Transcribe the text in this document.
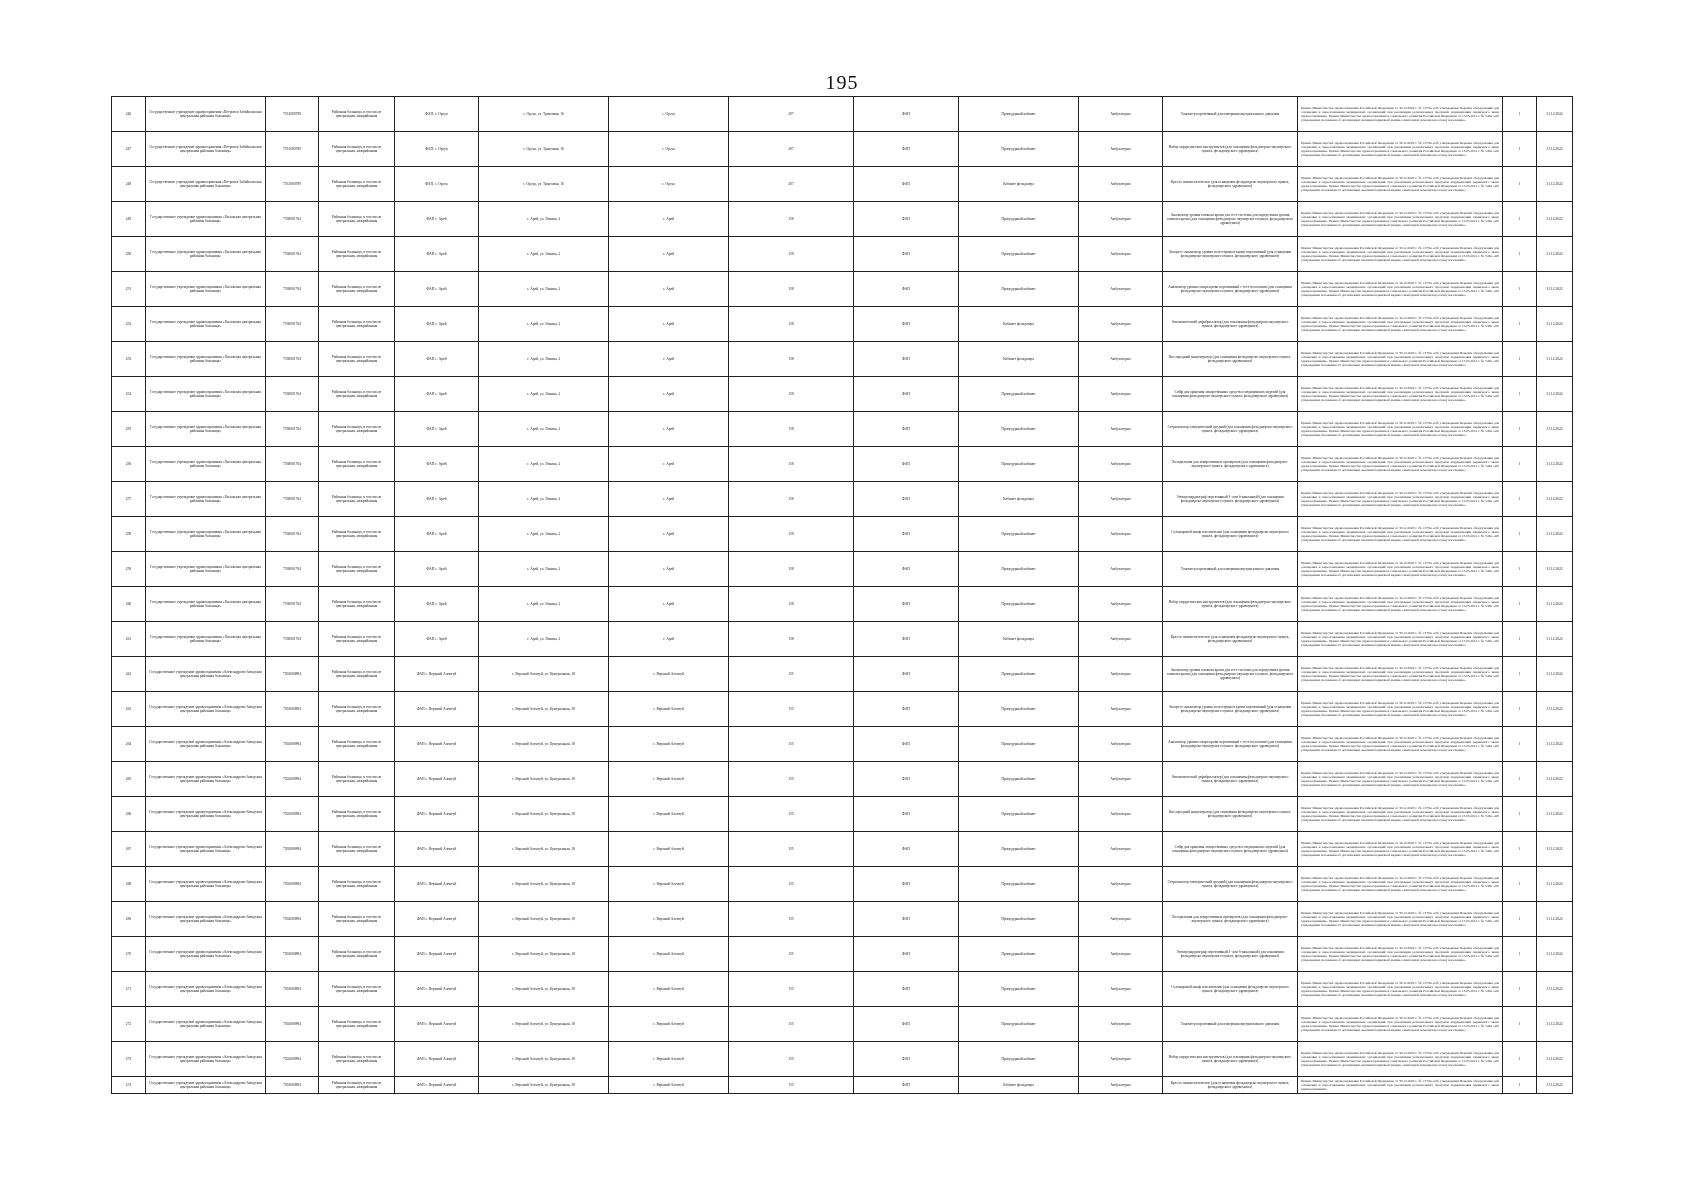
195
246	Государственное учреждение здравоохранения «Петровск-Забайкальская центральная районная больница»	7531000789	Районная больница, в том числе центральная, межрайонная	ФАП, с. Орсук	с. Орсук, ул. Трактовая, 16	с. Орсук	207	ФАП	Процедурный кабинет	Амбулаторно	Тонометр портативный для измерения внутриглазного давления	Приказ Министерства здравоохранения Российской Федерации от 30.12.2020 г. № 1379н «Об утверждении Перечня оборудования для оснащения и переоснащения медицинских организаций при реализации региональных программ модернизации первичного звена здравоохранения». Приказ Министерства здравоохранения и социального развития Российской Федерации от 15.05.2012 г. № 543н «Об утверждении положения об организации оказания первичной медико-санитарной помощи взрослому населению»	1	31.12.2022
247	Государственное учреждение здравоохранения «Петровск-Забайкальская центральная районная больница»	7531000789	Районная больница, в том числе центральная, межрайонная	ФАП, с. Орсук	с. Орсук, ул. Трактовая, 16	с. Орсук	207	ФАП	Процедурный кабинет	Амбулаторно	Набор хирургических инструментов (для оснащения фельдшерско-акушерского пункта, фельдшерского здравпункта)	Приказ Министерства здравоохранения Российской Федерации от 30.12.2020 г. № 1379н «Об утверждении Перечня оборудования для оснащения и переоснащения медицинских организаций при реализации региональных программ модернизации первичного звена здравоохранения». Приказ Министерства здравоохранения и социального развития Российской Федерации от 15.05.2012 г. № 543н «Об утверждении положения об организации оказания первичной медико-санитарной помощи взрослому населению»	1	31.12.2022
248	Государственное учреждение здравоохранения «Петровск-Забайкальская центральная районная больница»	7531000789	Районная больница, в том числе центральная, межрайонная	ФАП, с. Орсук	с. Орсук, ул. Трактовая, 16	с. Орсук	207	ФАП	Кабинет фельдшера	Амбулаторно	Кресло гинекологическое (для оснащения фельдшерско-акушерского пункта, фельдшерского здравпункта)	Приказ Министерства здравоохранения Российской Федерации от 30.12.2020 г. № 1379н «Об утверждении Перечня оборудования для оснащения и переоснащения медицинских организаций при реализации региональных программ модернизации первичного звена здравоохранения». Приказ Министерства здравоохранения и социального развития Российской Федерации от 15.05.2012 г. № 543н «Об утверждении положения об организации оказания первичной медико-санитарной помощи взрослому населению»	1	31.12.2022
249	Государственное учреждение здравоохранения «Хилокская центральная районная больница»	7538001764	Районная больница, в том числе центральная, межрайонная	ФАП с. Арей	с. Арей, ул. Ленина, 2	с. Арей	158	ФАП	Процедурный кабинет	Амбулаторно	Анализатор уровня глюкозы крови для тест-системы для определения уровня глюкозы крови (для оснащения фельдшерско-акушерского пункта, фельдшерского здравпункта)	Приказ Министерства здравоохранения Российской Федерации от 30.12.2020 г. № 1379н «Об утверждении Перечня оборудования для оснащения и переоснащения медицинских организаций при реализации региональных программ модернизации первичного звена здравоохранения». Приказ Министерства здравоохранения и социального развития Российской Федерации от 15.05.2012 г. № 543н «Об утверждении положения об организации оказания первичной медико-санитарной помощи взрослому населению»	1	31.12.2022
250	Государственное учреждение здравоохранения «Хилокская центральная районная больница»	7538001764	Районная больница, в том числе центральная, межрайонная	ФАП с. Арей	с. Арей, ул. Ленина, 2	с. Арей	158	ФАП	Процедурный кабинет	Амбулаторно	Экспресс-анализатор уровня холестерина в крови портативный (для оснащения фельдшерско-акушерского пункта, фельдшерского здравпункта)	Приказ Министерства здравоохранения Российской Федерации от 30.12.2020 г. № 1379н «Об утверждении Перечня оборудования для оснащения и переоснащения медицинских организаций при реализации региональных программ модернизации первичного звена здравоохранения». Приказ Министерства здравоохранения и социального развития Российской Федерации от 15.05.2012 г. № 543н «Об утверждении положения об организации оказания первичной медико-санитарной помощи взрослому населению»	1	31.12.2022
251	Государственное учреждение здравоохранения «Хилокская центральная районная больница»	7538001764	Районная больница, в том числе центральная, межрайонная	ФАП с. Арей	с. Арей, ул. Ленина, 2	с. Арей	158	ФАП	Процедурный кабинет	Амбулаторно	Анализатор уровня сахара крови портативный с тест-полосками (для оснащения фельдшерско-акушерского пункта, фельдшерского здравпункта)	Приказ Министерства здравоохранения Российской Федерации от 30.12.2020 г. № 1379н «Об утверждении Перечня оборудования для оснащения и переоснащения медицинских организаций при реализации региональных программ модернизации первичного звена здравоохранения». Приказ Министерства здравоохранения и социального развития Российской Федерации от 15.05.2012 г. № 543н «Об утверждении положения об организации оказания первичной медико-санитарной помощи взрослому населению»	1	31.12.2022
252	Государственное учреждение здравоохранения «Хилокская центральная районная больница»	7538001764	Районная больница, в том числе центральная, межрайонная	ФАП с. Арей	с. Арей, ул. Ленина, 2	с. Арей	158	ФАП	Кабинет фельдшера	Амбулаторно	Автоматический дефибриллятор (для оснащения фельдшерско-акушерского пункта, фельдшерского здравпункта)	Приказ Министерства здравоохранения Российской Федерации от 30.12.2020 г. № 1379н «Об утверждении Перечня оборудования для оснащения и переоснащения медицинских организаций при реализации региональных программ модернизации первичного звена здравоохранения». Приказ Министерства здравоохранения и социального развития Российской Федерации от 15.05.2012 г. № 543н «Об утверждении положения об организации оказания первичной медико-санитарной помощи взрослому населению»	1	31.12.2022
253	Государственное учреждение здравоохранения «Хилокская центральная районная больница»	7538001764	Районная больница, в том числе центральная, межрайонная	ФАП с. Арей	с. Арей, ул. Ленина, 2	с. Арей	158	ФАП	Кабинет фельдшера	Амбулаторно	Кислородный концентратор (для оснащения фельдшерско-акушерского пункта, фельдшерского здравпункта)	Приказ Министерства здравоохранения Российской Федерации от 30.12.2020 г. № 1379н «Об утверждении Перечня оборудования для оснащения и переоснащения медицинских организаций при реализации региональных программ модернизации первичного звена здравоохранения». Приказ Министерства здравоохранения и социального развития Российской Федерации от 15.05.2012 г. № 543н «Об утверждении положения об организации оказания первичной медико-санитарной помощи взрослому населению»	1	31.12.2022
254	Государственное учреждение здравоохранения «Хилокская центральная районная больница»	7538001764	Районная больница, в том числе центральная, межрайонная	ФАП с. Арей	с. Арей, ул. Ленина, 2	с. Арей	158	ФАП	Процедурный кабинет	Амбулаторно	Сейф для хранения лекарственных средств и медицинских изделий (для оснащения фельдшерско-акушерского пункта, фельдшерского здравпункта)	Приказ Министерства здравоохранения Российской Федерации от 30.12.2020 г. № 1379н «Об утверждении Перечня оборудования для оснащения и переоснащения медицинских организаций при реализации региональных программ модернизации первичного звена здравоохранения». Приказ Министерства здравоохранения и социального развития Российской Федерации от 15.05.2012 г. № 543н «Об утверждении положения об организации оказания первичной медико-санитарной помощи взрослому населению»	1	31.12.2022
255	Государственное учреждение здравоохранения «Хилокская центральная районная больница»	7538001764	Районная больница, в том числе центральная, межрайонная	ФАП с. Арей	с. Арей, ул. Ленина, 2	с. Арей	158	ФАП	Процедурный кабинет	Амбулаторно	Стерилизатор электрический средний (для оснащения фельдшерско-акушерского пункта, фельдшерского здравпункта)	Приказ Министерства здравоохранения Российской Федерации от 30.12.2020 г. № 1379н «Об утверждении Перечня оборудования для оснащения и переоснащения медицинских организаций при реализации региональных программ модернизации первичного звена здравоохранения». Приказ Министерства здравоохранения и социального развития Российской Федерации от 15.05.2012 г. № 543н «Об утверждении положения об организации оказания первичной медико-санитарной помощи взрослому населению»	1	31.12.2022
256	Государственное учреждение здравоохранения «Хилокская центральная районная больница»	7538001764	Районная больница, в том числе центральная, межрайонная	ФАП с. Арей	с. Арей, ул. Ленина, 2	с. Арей	158	ФАП	Процедурный кабинет	Амбулаторно	Холодильник для лекарственных препаратов (для оснащения фельдшерско-акушерского пункта, фельдшерского здравпункта)	Приказ Министерства здравоохранения Российской Федерации от 30.12.2020 г. № 1379н «Об утверждении Перечня оборудования для оснащения и переоснащения медицинских организаций при реализации региональных программ модернизации первичного звена здравоохранения». Приказ Министерства здравоохранения и социального развития Российской Федерации от 15.05.2012 г. № 543н «Об утверждении положения об организации оказания первичной медико-санитарной помощи взрослому населению»	1	31.12.2022
257	Государственное учреждение здравоохранения «Хилокская центральная районная больница»	7538001764	Районная больница, в том числе центральная, межрайонная	ФАП с. Арей	с. Арей, ул. Ленина, 2	с. Арей	158	ФАП	Кабинет фельдшера	Амбулаторно	Электрокардиограф портативный 3- или 6-канальный (для оснащения фельдшерско-акушерского пункта, фельдшерского здравпункта)	Приказ Министерства здравоохранения Российской Федерации от 30.12.2020 г. № 1379н «Об утверждении Перечня оборудования для оснащения и переоснащения медицинских организаций при реализации региональных программ модернизации первичного звена здравоохранения». Приказ Министерства здравоохранения и социального развития Российской Федерации от 15.05.2012 г. № 543н «Об утверждении положения об организации оказания первичной медико-санитарной помощи взрослому населению»	1	31.12.2022
258	Государственное учреждение здравоохранения «Хилокская центральная районная больница»	7538001764	Районная больница, в том числе центральная, межрайонная	ФАП с. Арей	с. Арей, ул. Ленина, 2	с. Арей	158	ФАП	Процедурный кабинет	Амбулаторно	Сухожаровой шкаф или автоклав (для оснащения фельдшерско-акушерского пункта, фельдшерского здравпункта)	Приказ Министерства здравоохранения Российской Федерации от 30.12.2020 г. № 1379н «Об утверждении Перечня оборудования для оснащения и переоснащения медицинских организаций при реализации региональных программ модернизации первичного звена здравоохранения». Приказ Министерства здравоохранения и социального развития Российской Федерации от 15.05.2012 г. № 543н «Об утверждении положения об организации оказания первичной медико-санитарной помощи взрослому населению»	1	31.12.2022
259	Государственное учреждение здравоохранения «Хилокская центральная районная больница»	7538001764	Районная больница, в том числе центральная, межрайонная	ФАП с. Арей	с. Арей, ул. Ленина, 2	с. Арей	158	ФАП	Процедурный кабинет	Амбулаторно	Тонометр портативный для измерения внутриглазного давления	Приказ Министерства здравоохранения Российской Федерации от 30.12.2020 г. № 1379н «Об утверждении Перечня оборудования для оснащения и переоснащения медицинских организаций при реализации региональных программ модернизации первичного звена здравоохранения». Приказ Министерства здравоохранения и социального развития Российской Федерации от 15.05.2012 г. № 543н «Об утверждении положения об организации оказания первичной медико-санитарной помощи взрослому населению»	1	31.12.2022
260	Государственное учреждение здравоохранения «Хилокская центральная районная больница»	7538001764	Районная больница, в том числе центральная, межрайонная	ФАП с. Арей	с. Арей, ул. Ленина, 2	с. Арей	158	ФАП	Процедурный кабинет	Амбулаторно	Набор хирургических инструментов (для оснащения фельдшерско-акушерского пункта, фельдшерского здравпункта)	Приказ Министерства здравоохранения Российской Федерации от 30.12.2020 г. № 1379н «Об утверждении Перечня оборудования для оснащения и переоснащения медицинских организаций при реализации региональных программ модернизации первичного звена здравоохранения». Приказ Министерства здравоохранения и социального развития Российской Федерации от 15.05.2012 г. № 543н «Об утверждении положения об организации оказания первичной медико-санитарной помощи взрослому населению»	1	31.12.2022
261	Государственное учреждение здравоохранения «Хилокская центральная районная больница»	7538001764	Районная больница, в том числе центральная, межрайонная	ФАП с. Арей	с. Арей, ул. Ленина, 2	с. Арей	158	ФАП	Кабинет фельдшера	Амбулаторно	Кресло гинекологическое (для оснащения фельдшерско-акушерского пункта, фельдшерского здравпункта)	Приказ Министерства здравоохранения Российской Федерации от 30.12.2020 г. № 1379н «Об утверждении Перечня оборудования для оснащения и переоснащения медицинских организаций при реализации региональных программ модернизации первичного звена здравоохранения». Приказ Министерства здравоохранения и социального развития Российской Федерации от 15.05.2012 г. № 543н «Об утверждении положения об организации оказания первичной медико-санитарной помощи взрослому населению»	1	31.12.2022
262	Государственное учреждение здравоохранения «Александрово-Заводская центральная районная больница»	7502000894	Районная больница, в том числе центральная, межрайонная	ФАП с. Верхний Алентуй	с. Верхний Алентуй, ул. Центральная, 18	с. Верхний Алентуй	155	ФАП	Процедурный кабинет	Амбулаторно	Анализатор уровня глюкозы крови для тест-системы для определения уровня глюкозы крови (для оснащения фельдшерско-акушерского пункта, фельдшерского здравпункта)	Приказ Министерства здравоохранения Российской Федерации от 30.12.2020 г. № 1379н «Об утверждении Перечня оборудования для оснащения и переоснащения медицинских организаций при реализации региональных программ модернизации первичного звена здравоохранения». Приказ Министерства здравоохранения и социального развития Российской Федерации от 15.05.2012 г. № 543н «Об утверждении положения об организации оказания первичной медико-санитарной помощи взрослому населению»	1	31.12.2022
263	Государственное учреждение здравоохранения «Александрово-Заводская центральная районная больница»	7502000894	Районная больница, в том числе центральная, межрайонная	ФАП с. Верхний Алентуй	с. Верхний Алентуй, ул. Центральная, 18	с. Верхний Алентуй	155	ФАП	Процедурный кабинет	Амбулаторно	Экспресс-анализатор уровня холестерина в крови портативный (для оснащения фельдшерско-акушерского пункта, фельдшерского здравпункта)	Приказ Министерства здравоохранения Российской Федерации от 30.12.2020 г. № 1379н «Об утверждении Перечня оборудования для оснащения и переоснащения медицинских организаций при реализации региональных программ модернизации первичного звена здравоохранения». Приказ Министерства здравоохранения и социального развития Российской Федерации от 15.05.2012 г. № 543н «Об утверждении положения об организации оказания первичной медико-санитарной помощи взрослому населению»	1	31.12.2022
264	Государственное учреждение здравоохранения «Александрово-Заводская центральная районная больница»	7502000894	Районная больница, в том числе центральная, межрайонная	ФАП с. Верхний Алентуй	с. Верхний Алентуй, ул. Центральная, 18	с. Верхний Алентуй	155	ФАП	Процедурный кабинет	Амбулаторно	Анализатор уровня сахара крови портативный с тест-полосками (для оснащения фельдшерско-акушерского пункта, фельдшерского здравпункта)	Приказ Министерства здравоохранения Российской Федерации от 30.12.2020 г. № 1379н «Об утверждении Перечня оборудования для оснащения и переоснащения медицинских организаций при реализации региональных программ модернизации первичного звена здравоохранения». Приказ Министерства здравоохранения и социального развития Российской Федерации от 15.05.2012 г. № 543н «Об утверждении положения об организации оказания первичной медико-санитарной помощи взрослому населению»	1	31.12.2022
265	Государственное учреждение здравоохранения «Александрово-Заводская центральная районная больница»	7502000894	Районная больница, в том числе центральная, межрайонная	ФАП с. Верхний Алентуй	с. Верхний Алентуй, ул. Центральная, 18	с. Верхний Алентуй	155	ФАП	Процедурный кабинет	Амбулаторно	Автоматический дефибриллятор (для оснащения фельдшерско-акушерского пункта, фельдшерского здравпункта)	Приказ Министерства здравоохранения Российской Федерации от 30.12.2020 г. № 1379н «Об утверждении Перечня оборудования для оснащения и переоснащения медицинских организаций при реализации региональных программ модернизации первичного звена здравоохранения». Приказ Министерства здравоохранения и социального развития Российской Федерации от 15.05.2012 г. № 543н «Об утверждении положения об организации оказания первичной медико-санитарной помощи взрослому населению»	1	31.12.2022
266	Государственное учреждение здравоохранения «Александрово-Заводская центральная районная больница»	7502000894	Районная больница, в том числе центральная, межрайонная	ФАП с. Верхний Алентуй	с. Верхний Алентуй, ул. Центральная, 18	с. Верхний Алентуй	155	ФАП	Процедурный кабинет	Амбулаторно	Кислородный концентратор (для оснащения фельдшерско-акушерского пункта, фельдшерского здравпункта)	Приказ Министерства здравоохранения Российской Федерации от 30.12.2020 г. № 1379н «Об утверждении Перечня оборудования для оснащения и переоснащения медицинских организаций при реализации региональных программ модернизации первичного звена здравоохранения». Приказ Министерства здравоохранения и социального развития Российской Федерации от 15.05.2012 г. № 543н «Об утверждении положения об организации оказания первичной медико-санитарной помощи взрослому населению»	1	31.12.2022
267	Государственное учреждение здравоохранения «Александрово-Заводская центральная районная больница»	7502000894	Районная больница, в том числе центральная, межрайонная	ФАП с. Верхний Алентуй	с. Верхний Алентуй, ул. Центральная, 18	с. Верхний Алентуй	155	ФАП	Процедурный кабинет	Амбулаторно	Сейф для хранения лекарственных средств и медицинских изделий (для оснащения фельдшерско-акушерского пункта, фельдшерского здравпункта)	Приказ Министерства здравоохранения Российской Федерации от 30.12.2020 г. № 1379н «Об утверждении Перечня оборудования для оснащения и переоснащения медицинских организаций при реализации региональных программ модернизации первичного звена здравоохранения». Приказ Министерства здравоохранения и социального развития Российской Федерации от 15.05.2012 г. № 543н «Об утверждении положения об организации оказания первичной медико-санитарной помощи взрослому населению»	1	31.12.2022
268	Государственное учреждение здравоохранения «Александрово-Заводская центральная районная больница»	7502000894	Районная больница, в том числе центральная, межрайонная	ФАП с. Верхний Алентуй	с. Верхний Алентуй, ул. Центральная, 18	с. Верхний Алентуй	155	ФАП	Процедурный кабинет	Амбулаторно	Стерилизатор электрический средний (для оснащения фельдшерско-акушерского пункта, фельдшерского здравпункта)	Приказ Министерства здравоохранения Российской Федерации от 30.12.2020 г. № 1379н «Об утверждении Перечня оборудования для оснащения и переоснащения медицинских организаций при реализации региональных программ модернизации первичного звена здравоохранения». Приказ Министерства здравоохранения и социального развития Российской Федерации от 15.05.2012 г. № 543н «Об утверждении положения об организации оказания первичной медико-санитарной помощи взрослому населению»	1	31.12.2022
269	Государственное учреждение здравоохранения «Александрово-Заводская центральная районная больница»	7502000894	Районная больница, в том числе центральная, межрайонная	ФАП с. Верхний Алентуй	с. Верхний Алентуй, ул. Центральная, 18	с. Верхний Алентуй	155	ФАП	Процедурный кабинет	Амбулаторно	Холодильник для лекарственных препаратов (для оснащения фельдшерско-акушерского пункта, фельдшерского здравпункта)	Приказ Министерства здравоохранения Российской Федерации от 30.12.2020 г. № 1379н «Об утверждении Перечня оборудования для оснащения и переоснащения медицинских организаций при реализации региональных программ модернизации первичного звена здравоохранения». Приказ Министерства здравоохранения и социального развития Российской Федерации от 15.05.2012 г. № 543н «Об утверждении положения об организации оказания первичной медико-санитарной помощи взрослому населению»	1	31.12.2022
270	Государственное учреждение здравоохранения «Александрово-Заводская центральная районная больница»	7502000894	Районная больница, в том числе центральная, межрайонная	ФАП с. Верхний Алентуй	с. Верхний Алентуй, ул. Центральная, 18	с. Верхний Алентуй	155	ФАП	Процедурный кабинет	Амбулаторно	Электрокардиограф портативный 3- или 6-канальный (для оснащения фельдшерско-акушерского пункта, фельдшерского здравпункта)	Приказ Министерства здравоохранения Российской Федерации от 30.12.2020 г. № 1379н «Об утверждении Перечня оборудования для оснащения и переоснащения медицинских организаций при реализации региональных программ модернизации первичного звена здравоохранения». Приказ Министерства здравоохранения и социального развития Российской Федерации от 15.05.2012 г. № 543н «Об утверждении положения об организации оказания первичной медико-санитарной помощи взрослому населению»	1	31.12.2022
271	Государственное учреждение здравоохранения «Александрово-Заводская центральная районная больница»	7502000894	Районная больница, в том числе центральная, межрайонная	ФАП с. Верхний Алентуй	с. Верхний Алентуй, ул. Центральная, 18	с. Верхний Алентуй	155	ФАП	Процедурный кабинет	Амбулаторно	Сухожаровой шкаф или автоклав (для оснащения фельдшерско-акушерского пункта, фельдшерского здравпункта)	Приказ Министерства здравоохранения Российской Федерации от 30.12.2020 г. № 1379н «Об утверждении Перечня оборудования для оснащения и переоснащения медицинских организаций при реализации региональных программ модернизации первичного звена здравоохранения». Приказ Министерства здравоохранения и социального развития Российской Федерации от 15.05.2012 г. № 543н «Об утверждении положения об организации оказания первичной медико-санитарной помощи взрослому населению»	1	31.12.2022
272	Государственное учреждение здравоохранения «Александрово-Заводская центральная районная больница»	7502000894	Районная больница, в том числе центральная, межрайонная	ФАП с. Верхний Алентуй	с. Верхний Алентуй, ул. Центральная, 18	с. Верхний Алентуй	155	ФАП	Процедурный кабинет	Амбулаторно	Тонометр портативный для измерения внутриглазного давления	Приказ Министерства здравоохранения Российской Федерации от 30.12.2020 г. № 1379н «Об утверждении Перечня оборудования для оснащения и переоснащения медицинских организаций при реализации региональных программ модернизации первичного звена здравоохранения». Приказ Министерства здравоохранения и социального развития Российской Федерации от 15.05.2012 г. № 543н «Об утверждении положения об организации оказания первичной медико-санитарной помощи взрослому населению»	1	31.12.2022
273	Государственное учреждение здравоохранения «Александрово-Заводская центральная районная больница»	7502000894	Районная больница, в том числе центральная, межрайонная	ФАП с. Верхний Алентуй	с. Верхний Алентуй, ул. Центральная, 18	с. Верхний Алентуй	155	ФАП	Процедурный кабинет	Амбулаторно	Набор хирургических инструментов (для оснащения фельдшерско-акушерского пункта, фельдшерского здравпункта)	Приказ Министерства здравоохранения Российской Федерации от 30.12.2020 г. № 1379н «Об утверждении Перечня оборудования для оснащения и переоснащения медицинских организаций при реализации региональных программ модернизации первичного звена здравоохранения». Приказ Министерства здравоохранения и социального развития Российской Федерации от 15.05.2012 г. № 543н «Об утверждении положения об организации оказания первичной медико-санитарной помощи взрослому населению»	1	31.12.2022
274	Государственное учреждение здравоохранения «Александрово-Заводская центральная районная больница»	7502000894	Районная больница, в том числе центральная, межрайонная	ФАП с. Верхний Алентуй	с. Верхний Алентуй, ул. Центральная, 18	с. Верхний Алентуй	155	ФАП	Кабинет фельдшера	Амбулаторно	Кресло гинекологическое (для оснащения фельдшерско-акушерского пункта, фельдшерского здравпункта)	Приказ Министерства здравоохранения Российской Федерации от 30.12.2020 г. № 1379н «Об утверждении Перечня оборудования для оснащения и переоснащения медицинских организаций при реализации региональных программ модернизации первичного звена здравоохранения»	1	31.12.2022
